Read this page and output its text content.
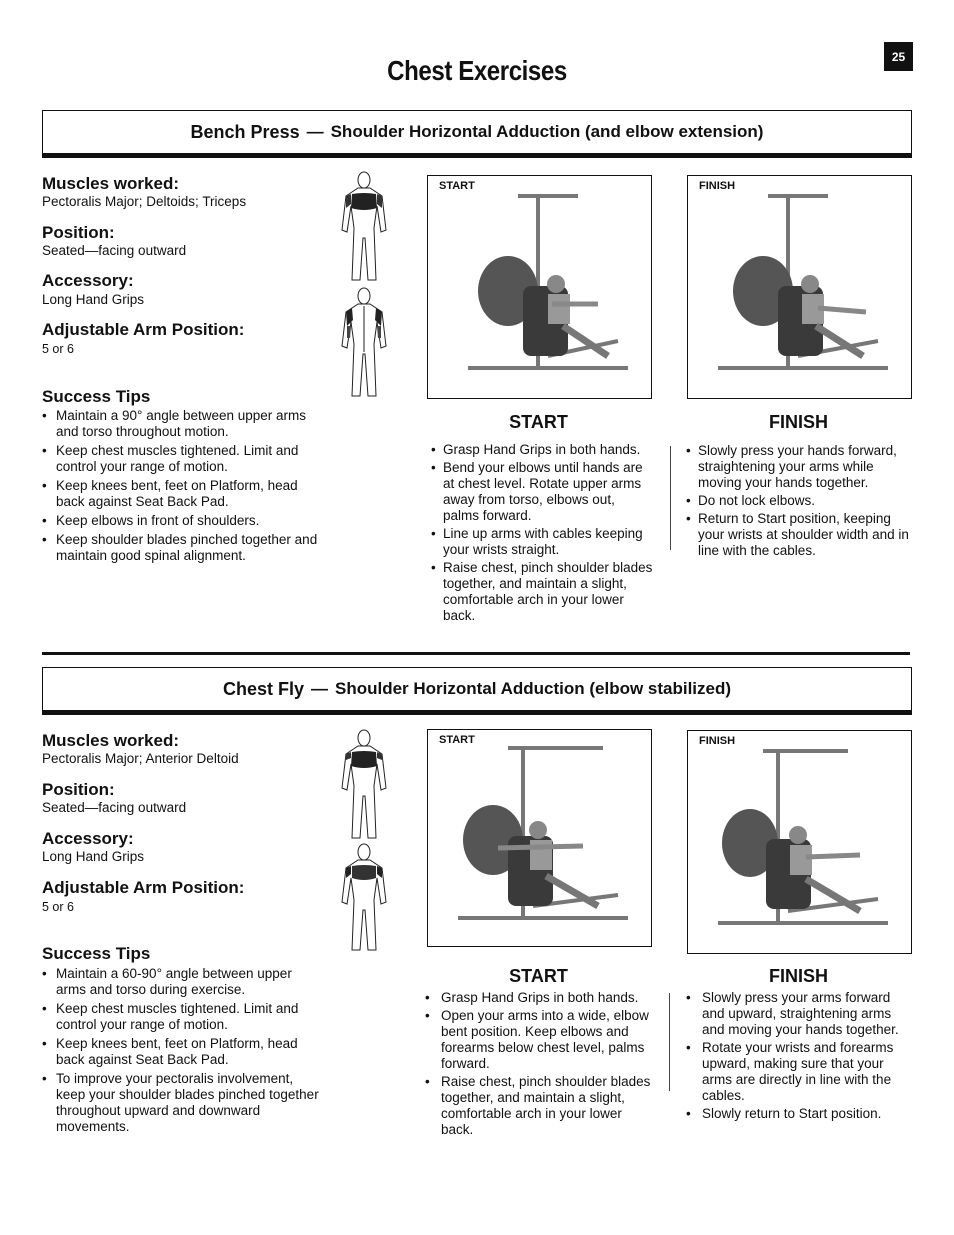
25
Chest Exercises
Bench Press — Shoulder Horizontal Adduction (and elbow extension)
Muscles worked:
Pectoralis Major; Deltoids; Triceps
Position:
Seated—facing outward
Accessory:
Long Hand Grips
Adjustable Arm Position:
5 or 6
Success Tips
• Maintain a 90° angle between upper arms and torso throughout motion.
• Keep chest muscles tightened. Limit and control your range of motion.
• Keep knees bent, feet on Platform, head back against Seat Back Pad.
• Keep elbows in front of shoulders.
• Keep shoulder blades pinched together and maintain good spinal alignment.
START	FINISH
START	FINISH
• Grasp Hand Grips in both hands.
• Bend your elbows until hands are at chest level. Rotate upper arms away from torso, elbows out, palms forward.
• Line up arms with cables keeping your wrists straight.
• Raise chest, pinch shoulder blades together, and maintain a slight, comfortable arch in your lower back.
• Slowly press your hands forward, straightening your arms while moving your hands together.
• Do not lock elbows.
• Return to Start position, keeping your wrists at shoulder width and in line with the cables.
Chest Fly — Shoulder Horizontal Adduction (elbow stabilized)
Muscles worked:
Pectoralis Major; Anterior Deltoid
Position:
Seated—facing outward
Accessory:
Long Hand Grips
Adjustable Arm Position:
5 or 6
Success Tips
• Maintain a 60-90° angle between upper arms and torso during exercise.
• Keep chest muscles tightened. Limit and control your range of motion.
• Keep knees bent, feet on Platform, head back against Seat Back Pad.
• To improve your pectoralis involvement, keep your shoulder blades pinched together throughout upward and downward movements.
START	FINISH
START	FINISH
• Grasp Hand Grips in both hands.
• Open your arms into a wide, elbow bent position. Keep elbows and forearms below chest level, palms forward.
• Raise chest, pinch shoulder blades together, and maintain a slight, comfortable arch in your lower back.
• Slowly press your arms forward and upward, straightening arms and moving your hands together.
• Rotate your wrists and forearms upward, making sure that your arms are directly in line with the cables.
• Slowly return to Start position.
